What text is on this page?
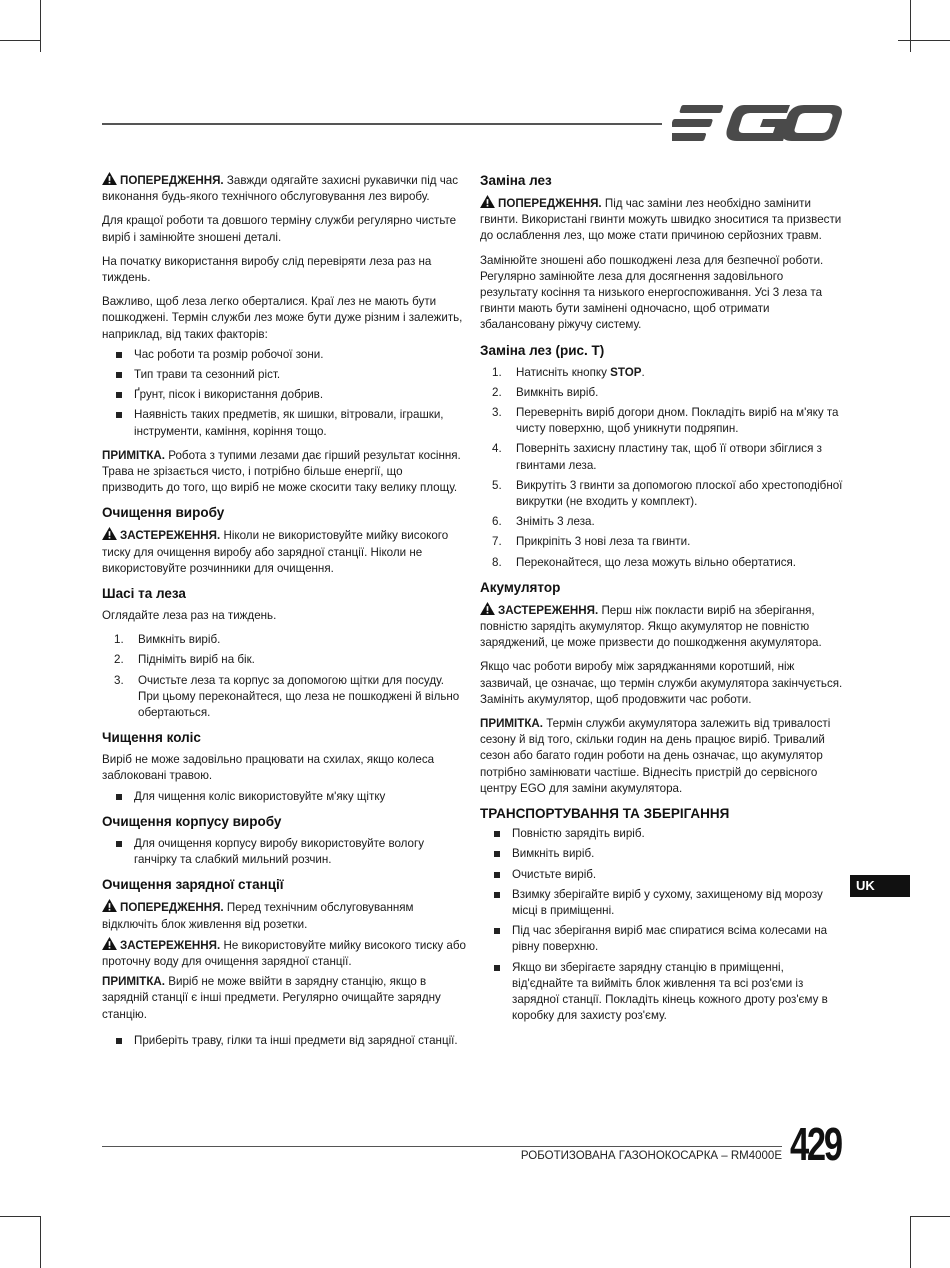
ПОПЕРЕДЖЕННЯ. Завжди одягайте захисні рукавички під час виконання будь-якого технічного обслуговування лез виробу.

Для кращої роботи та довшого терміну служби регулярно чистьте виріб і замінюйте зношені деталі.

На початку використання виробу слід перевіряти леза раз на тиждень.

Важливо, щоб леза легко оберталися. Краї лез не мають бути пошкоджені. Термін служби лез може бути дуже різним і залежить, наприклад, від таких факторів:

Час роботи та розмір робочої зони.
Тип трави та сезонний ріст.
Ґрунт, пісок і використання добрив.
Наявність таких предметів, як шишки, вітровали, іграшки, інструменти, каміння, коріння тощо.

ПРИМІТКА. Робота з тупими лезами дає гірший результат косіння. Трава не зрізається чисто, і потрібно більше енергії, що призводить до того, що виріб не може скосити таку велику площу.

Очищення виробу

ЗАСТЕРЕЖЕННЯ. Ніколи не використовуйте мийку високого тиску для очищення виробу або зарядної станції. Ніколи не використовуйте розчинники для очищення.

Шасі та леза

Оглядайте леза раз на тиждень.

1. Вимкніть виріб.
2. Підніміть виріб на бік.
3. Очистьте леза та корпус за допомогою щітки для посуду. При цьому переконайтеся, що леза не пошкоджені й вільно обертаються.
Чищення коліс

Виріб не може задовільно працювати на схилах, якщо колеса заблоковані травою.

Для чищення коліс використовуйте м'яку щітку
Очищення корпусу виробу
Для очищення корпусу виробу використовуйте вологу ганчірку та слабкий мильний розчин.
Очищення зарядної станції

ПОПЕРЕДЖЕННЯ. Перед технічним обслуговуванням відключіть блок живлення від розетки.

ЗАСТЕРЕЖЕННЯ. Не використовуйте мийку високого тиску або проточну воду для очищення зарядної станції.

ПРИМІТКА. Виріб не може ввійти в зарядну станцію, якщо в зарядній станції є інші предмети. Регулярно очищайте зарядну станцію.

Приберіть траву, гілки та інші предмети від зарядної станції.
Заміна лез

ПОПЕРЕДЖЕННЯ. Під час заміни лез необхідно замінити гвинти. Використані гвинти можуть швидко зноситися та призвести до ослаблення лез, що може стати причиною серйозних травм.

Замінюйте зношені або пошкоджені леза для безпечної роботи. Регулярно замінюйте леза для досягнення задовільного результату косіння та низького енергоспоживання. Усі 3 леза та гвинти мають бути замінені одночасно, щоб отримати збалансовану ріжучу систему.

Заміна лез (рис. T)
1. Натисніть кнопку STOP.
2. Вимкніть виріб.
3. Переверніть виріб догори дном. Покладіть виріб на м'яку та чисту поверхню, щоб уникнути подряпин.
4. Поверніть захисну пластину так, щоб її отвори збіглися з гвинтами леза.
5. Викрутіть 3 гвинти за допомогою плоскої або хрестоподібної викрутки (не входить у комплект).
6. Зніміть 3 леза.
7. Прикріпіть 3 нові леза та гвинти.
8. Переконайтеся, що леза можуть вільно обертатися.
Акумулятор

ЗАСТЕРЕЖЕННЯ. Перш ніж покласти виріб на зберігання, повністю зарядіть акумулятор. Якщо акумулятор не повністю заряджений, це може призвести до пошкодження акумулятора.

Якщо час роботи виробу між заряджаннями коротший, ніж зазвичай, це означає, що термін служби акумулятора закінчується. Замініть акумулятор, щоб продовжити час роботи.

ПРИМІТКА. Термін служби акумулятора залежить від тривалості сезону й від того, скільки годин на день працює виріб. Тривалий сезон або багато годин роботи на день означає, що акумулятор потрібно замінювати частіше. Віднесіть пристрій до сервісного центру EGO для заміни акумулятора.

ТРАНСПОРТУВАННЯ ТА ЗБЕРІГАННЯ
Повністю зарядіть виріб.
Вимкніть виріб.
Очистьте виріб.
Взимку зберігайте виріб у сухому, захищеному від морозу місці в приміщенні.
Під час зберігання виріб має спиратися всіма колесами на рівну поверхню.
Якщо ви зберігаєте зарядну станцію в приміщенні, від'єднайте та вийміть блок живлення та всі роз'єми із зарядної станції. Покладіть кінець кожного дроту роз'єму в коробку для захисту роз'єму.
UK
РОБОТИЗОВАНА ГАЗОНОКОСАРКА – RM4000E 429
